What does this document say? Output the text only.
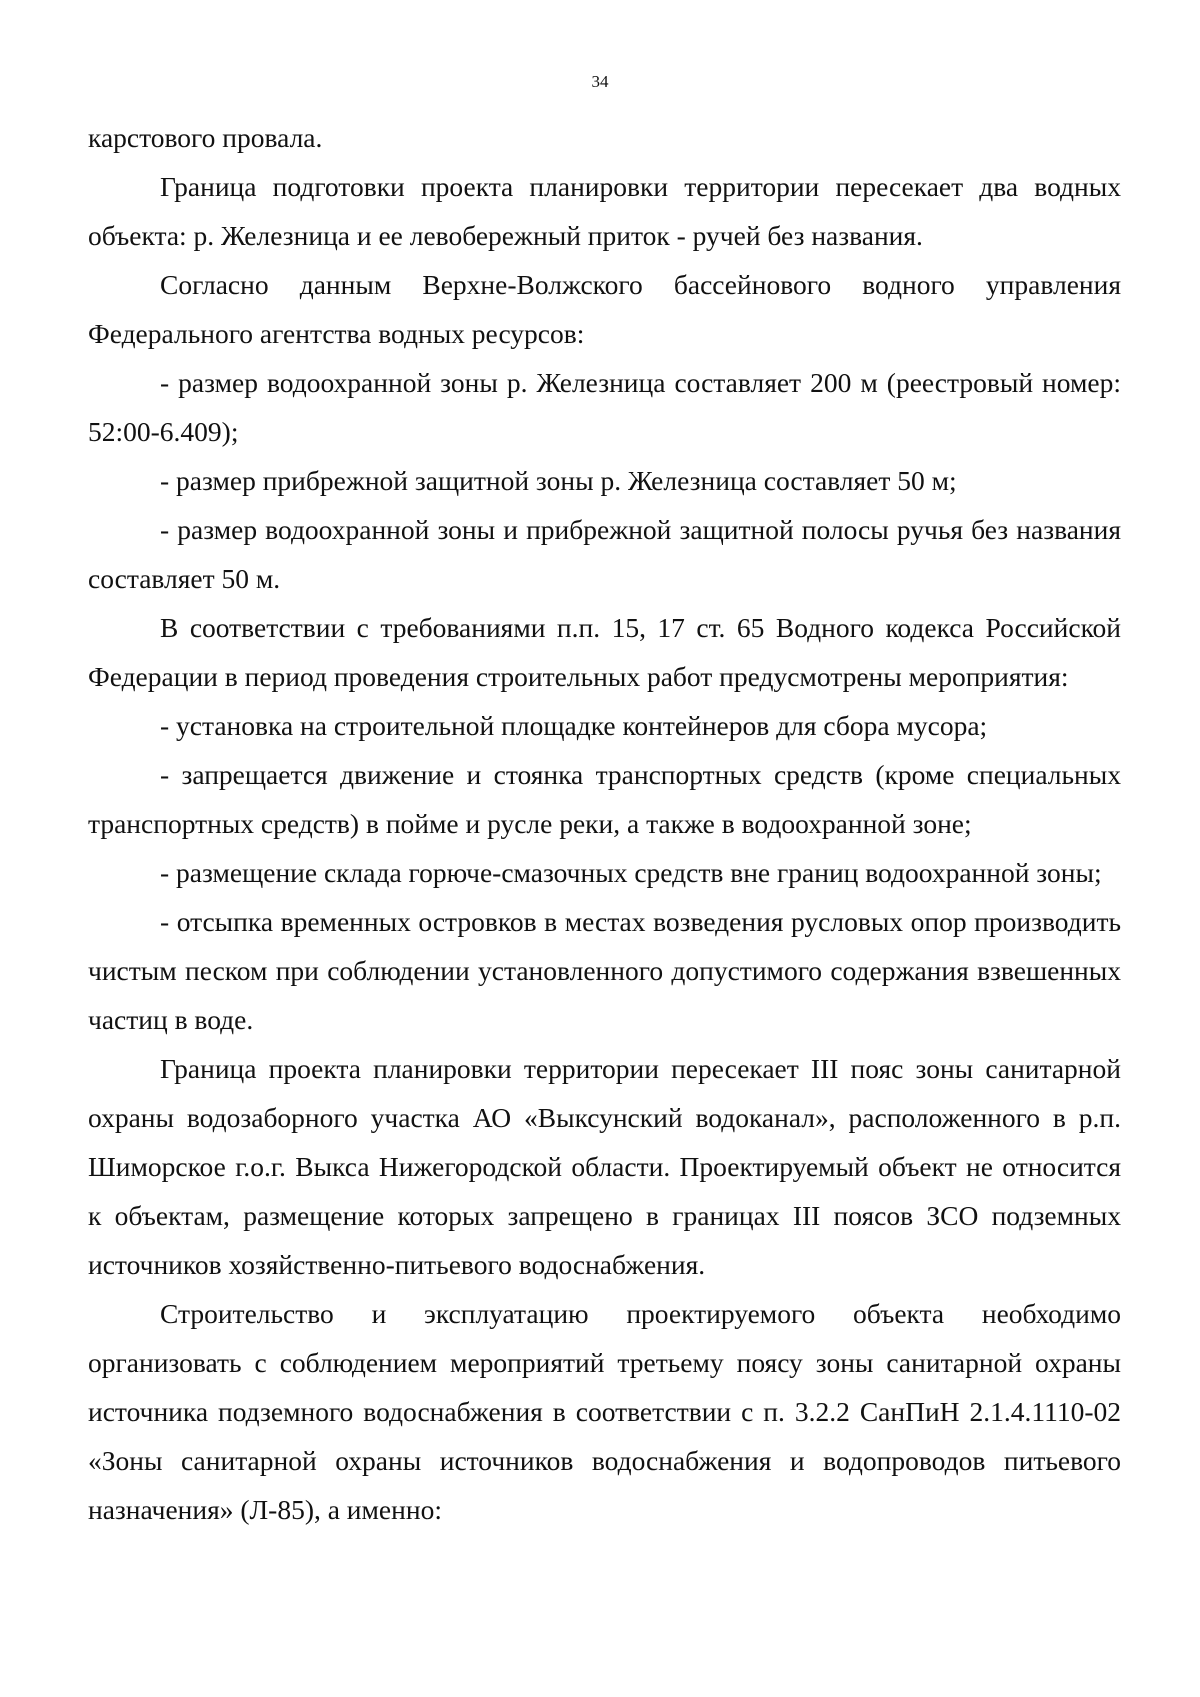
34

карстового провала.

Граница подготовки проекта планировки территории пересекает два водных объекта: р. Железница и ее левобережный приток - ручей без названия.

Согласно данным Верхне-Волжского бассейнового водного управления Федерального агентства водных ресурсов:

- размер водоохранной зоны р. Железница составляет 200 м (реестровый номер: 52:00-6.409);

- размер прибрежной защитной зоны р. Железница составляет 50 м;

- размер водоохранной зоны и прибрежной защитной полосы ручья без названия составляет 50 м.

В соответствии с требованиями п.п. 15, 17 ст. 65 Водного кодекса Российской Федерации в период проведения строительных работ предусмотрены мероприятия:

- установка на строительной площадке контейнеров для сбора мусора;

- запрещается движение и стоянка транспортных средств (кроме специальных транспортных средств) в пойме и русле реки, а также в водоохранной зоне;

- размещение склада горюче-смазочных средств вне границ водоохранной зоны;

- отсыпка временных островков в местах возведения русловых опор производить чистым песком при соблюдении установленного допустимого содержания взвешенных частиц в воде.

Граница проекта планировки территории пересекает III пояс зоны санитарной охраны водозаборного участка АО «Выксунский водоканал», расположенного в р.п. Шиморское г.о.г. Выкса Нижегородской области. Проектируемый объект не относится к объектам, размещение которых запрещено в границах III поясов ЗСО подземных источников хозяйственно-питьевого водоснабжения.

Строительство и эксплуатацию проектируемого объекта необходимо организовать с соблюдением мероприятий третьему поясу зоны санитарной охраны источника подземного водоснабжения в соответствии с п. 3.2.2 СанПиН 2.1.4.1110-02 «Зоны санитарной охраны источников водоснабжения и водопроводов питьевого назначения» (Л-85), а именно:
